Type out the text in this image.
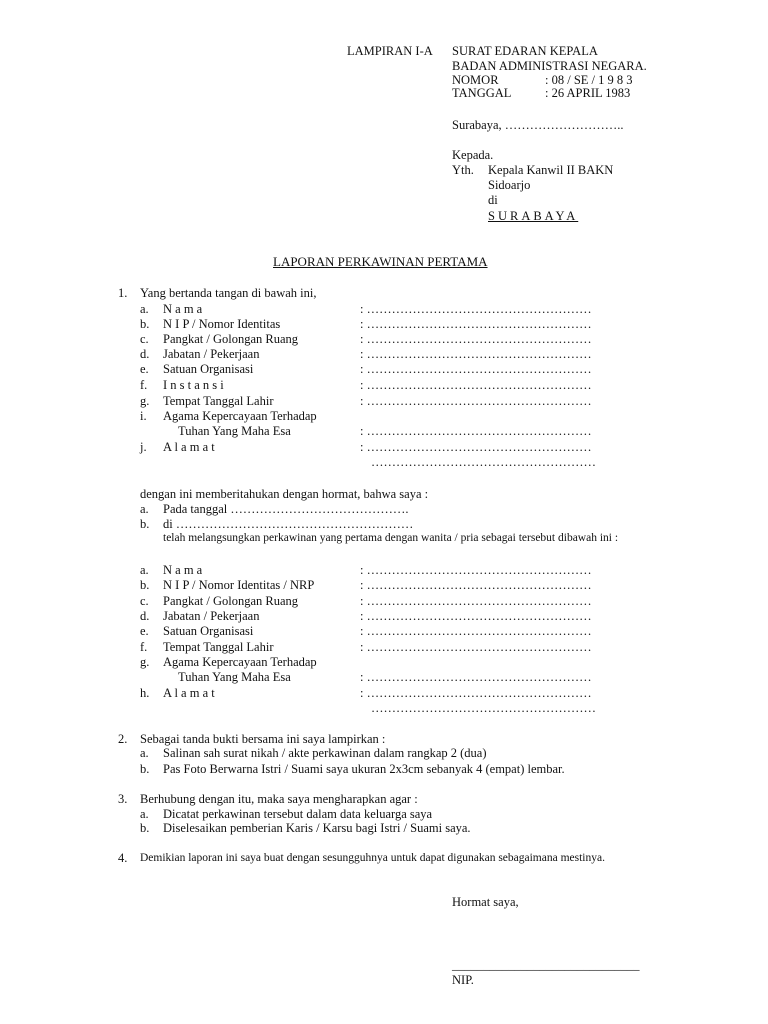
LAMPIRAN I-A SURAT EDARAN KEPALA
BADAN ADMINISTRASI NEGARA.
NOMOR	: 08 / SE / 1 9 8 3
TANGGAL	: 26 APRIL 1983
Surabaya, ………………………..
Kepada.
Yth. Kepala Kanwil II BAKN
Sidoarjo
di
SURABAYA
LAPORAN PERKAWINAN PERTAMA
1. Yang bertanda tangan di bawah ini,
a. N a m a	: ………………………………………………
b. N I P / Nomor Identitas	: ………………………………………………
c. Pangkat / Golongan Ruang	: ………………………………………………
d. Jabatan / Pekerjaan	: ………………………………………………
e. Satuan Organisasi	: ………………………………………………
f. I n s t a n s i	: ………………………………………………
g. Tempat Tanggal Lahir	: ………………………………………………
i. Agama Kepercayaan Terhadap
Tuhan Yang Maha Esa	: ………………………………………………
j. A l a m a t	: ………………………………………………
………………………………………………
dengan ini memberitahukan dengan hormat, bahwa saya :
a. Pada tanggal …………………………………….
b. di …………………………………………………
telah melangsungkan perkawinan yang pertama dengan wanita / pria sebagai tersebut dibawah ini :
a. N a m a	: ………………………………………………
b. N I P / Nomor Identitas / NRP	: ………………………………………………
c. Pangkat / Golongan Ruang	: ………………………………………………
d. Jabatan / Pekerjaan	: ………………………………………………
e. Satuan Organisasi	: ………………………………………………
f. Tempat Tanggal Lahir	: ………………………………………………
g. Agama Kepercayaan Terhadap
Tuhan Yang Maha Esa	: ………………………………………………
h. A l a m a t	: ………………………………………………
………………………………………………
2. Sebagai tanda bukti bersama ini saya lampirkan :
a. Salinan sah surat nikah / akte perkawinan dalam rangkap 2 (dua)
b. Pas Foto Berwarna Istri / Suami saya ukuran 2x3cm sebanyak 4 (empat) lembar.
3. Berhubung dengan itu, maka saya mengharapkan agar :
a. Dicatat perkawinan tersebut dalam data keluarga saya
b. Diselesaikan pemberian Karis / Karsu bagi Istri / Suami saya.
4. Demikian laporan ini saya buat dengan sesungguhnya untuk dapat digunakan sebagaimana mestinya.
Hormat saya,
______________________________
NIP.
